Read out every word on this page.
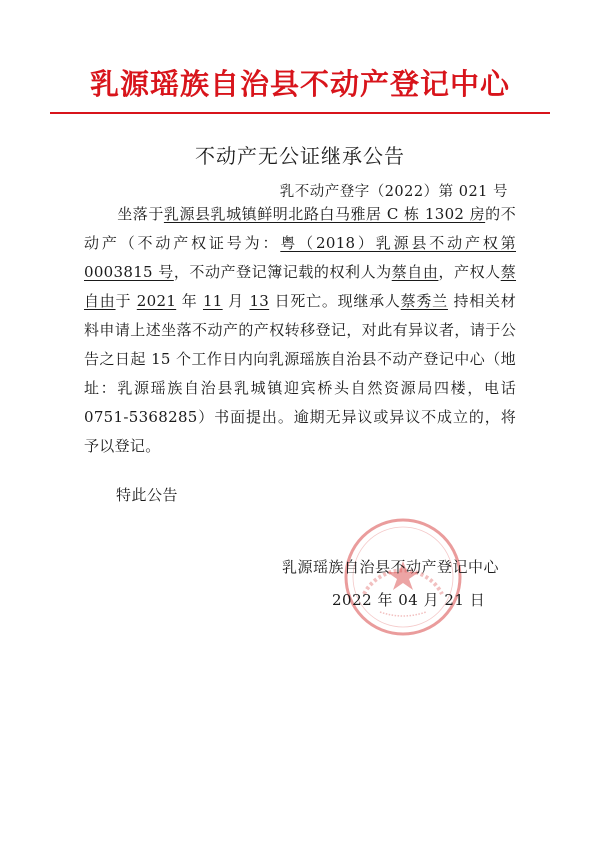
乳源瑶族自治县不动产登记中心
不动产无公证继承公告
乳不动产登字（2022）第 021 号

坐落于乳源县乳城镇鲜明北路白马雅居 C 栋 1302 房的不动产（不动产权证号为：粤（2018）乳源县不动产权第 0003815 号，不动产登记簿记载的权利人为蔡自由，产权人蔡自由于 2021 年 11 月 13 日死亡。现继承人蔡秀兰 持相关材料申请上述坐落不动产的产权转移登记，对此有异议者，请于公告之日起 15 个工作日内向乳源瑶族自治县不动产登记中心（地址：乳源瑶族自治县乳城镇迎宾桥头自然资源局四楼，电话 0751-5368285）书面提出。逾期无异议或异议不成立的，将予以登记。

特此公告
乳源瑶族自治县不动产登记中心
2022 年 04 月 21 日
